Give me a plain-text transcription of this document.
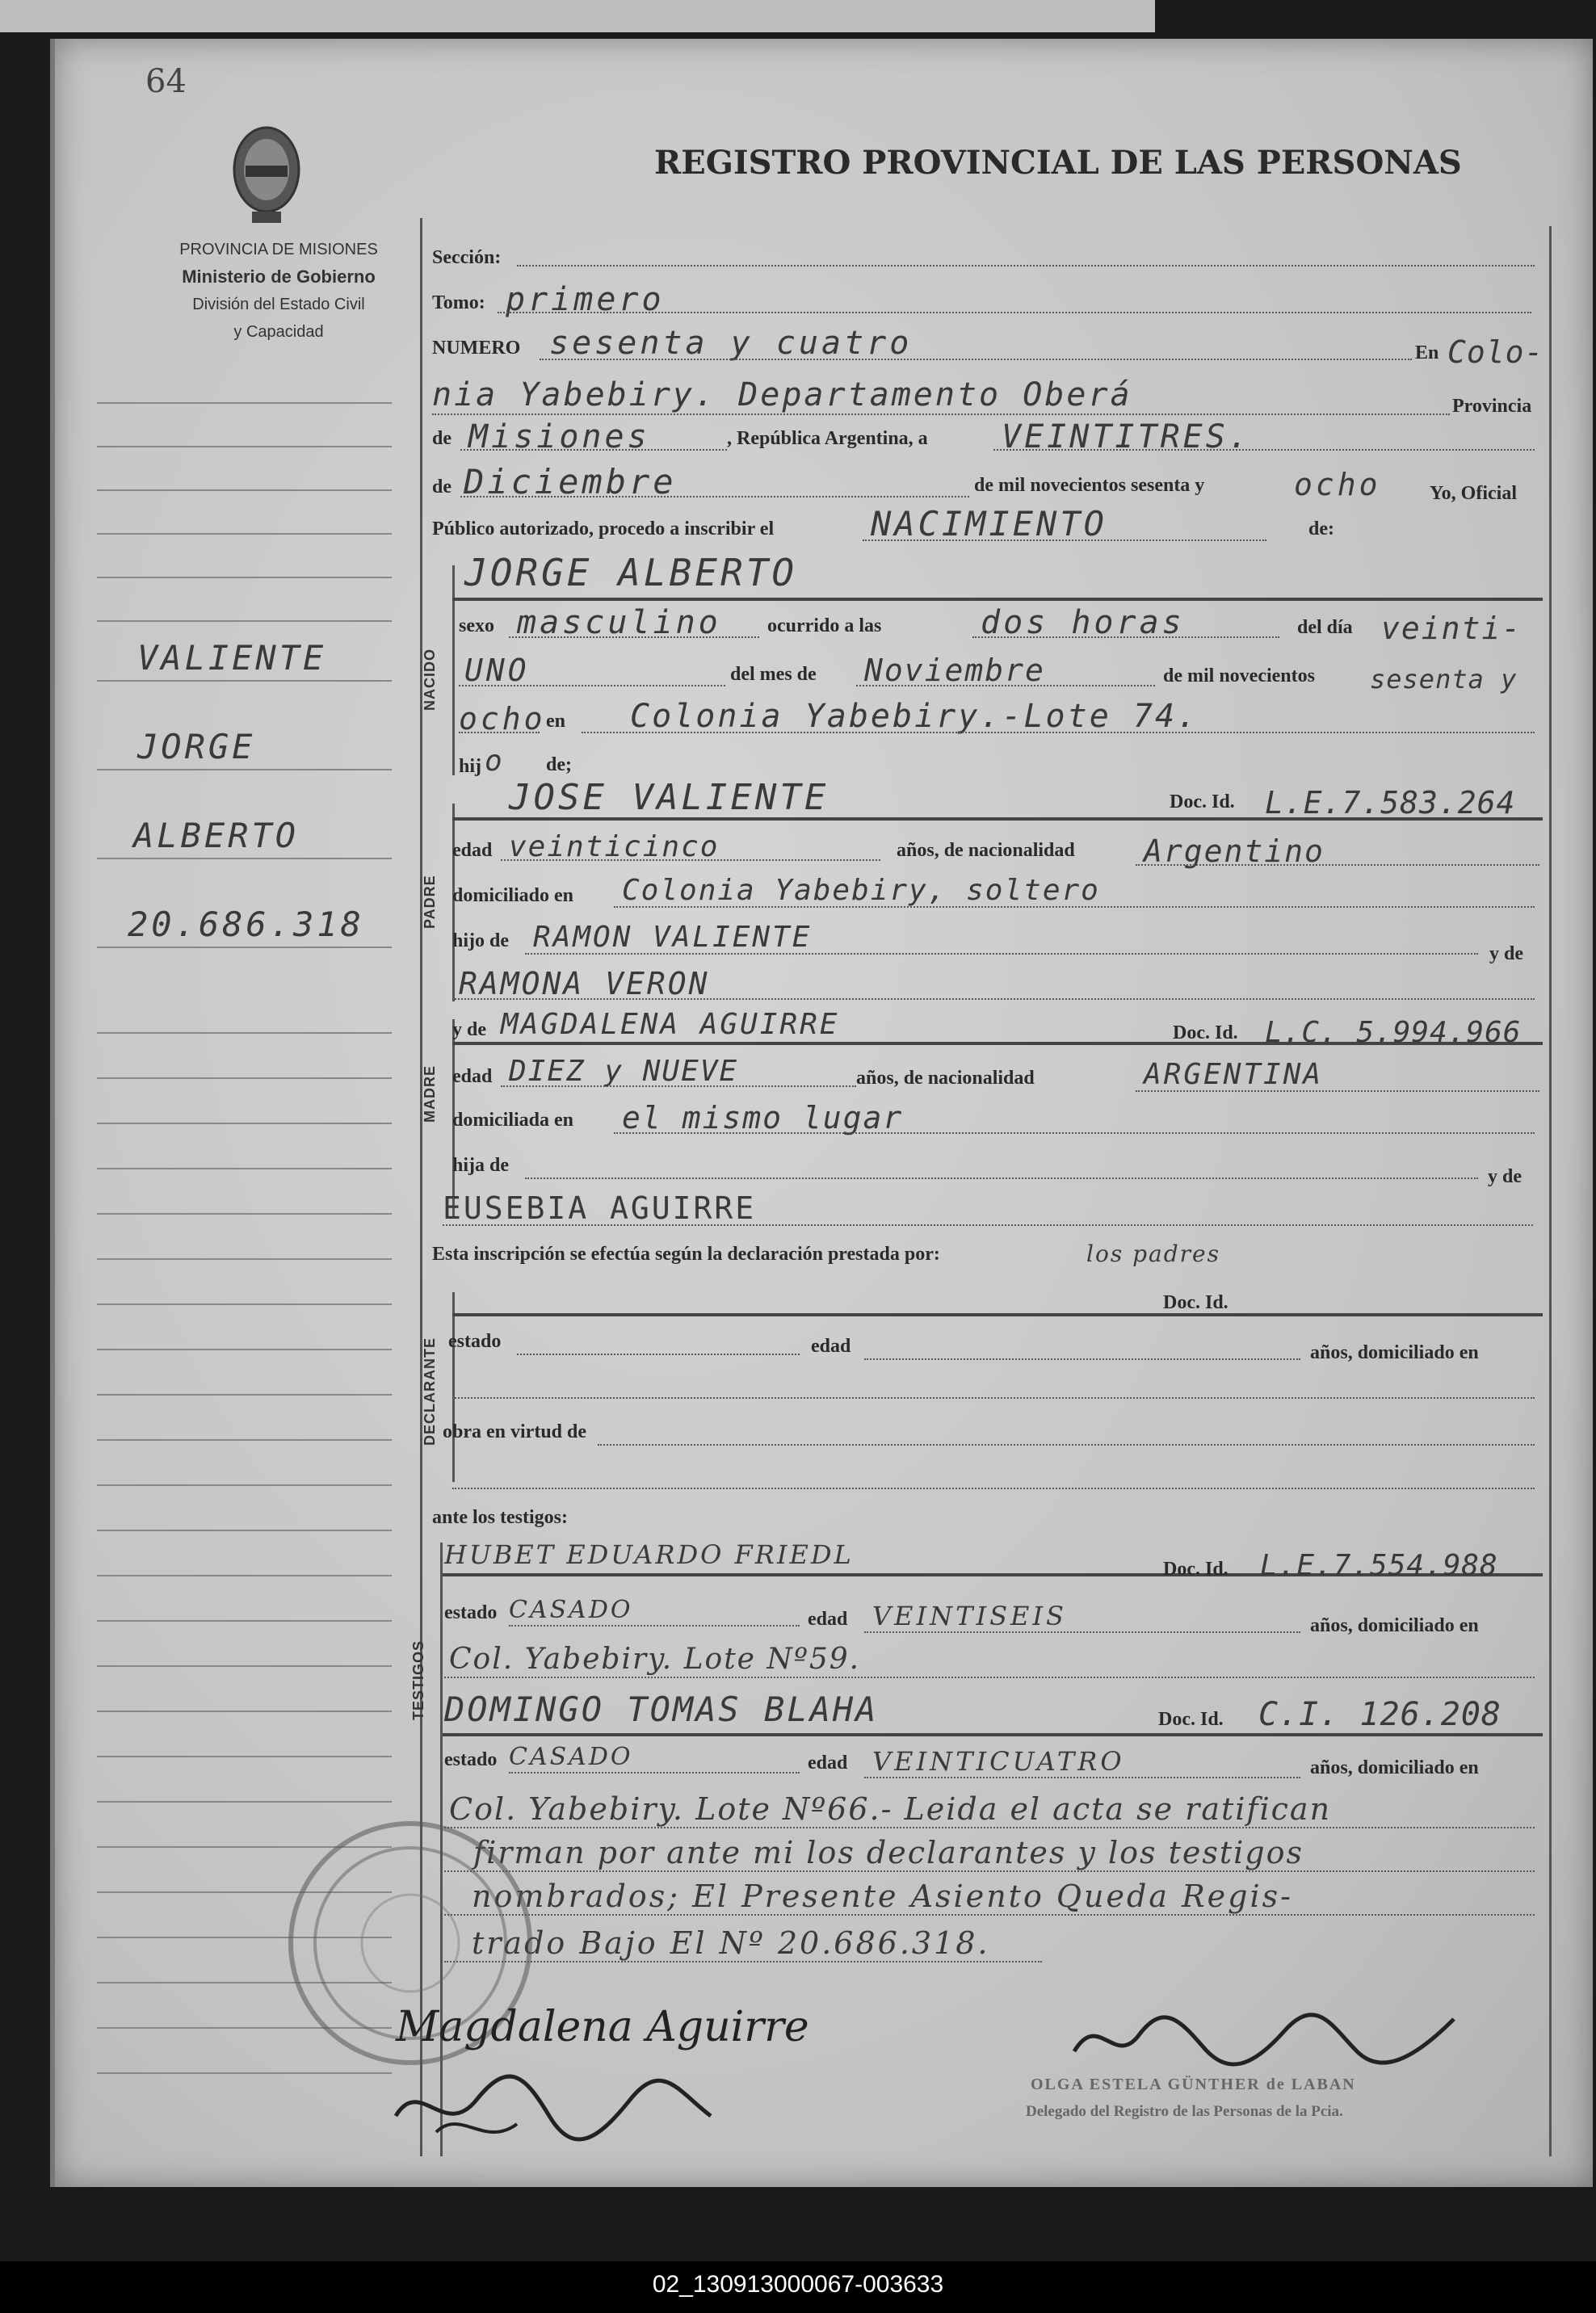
64
PROVINCIA DE MISIONES
Ministerio de Gobierno
División del Estado Civil
y Capacidad
REGISTRO PROVINCIAL DE LAS PERSONAS
VALIENTE
JORGE
ALBERTO
20.686.318
NACIDO
PADRE
MADRE
DECLARANTE
TESTIGOS
Sección:
Tomo: primero
NUMERO sesenta y cuatro	En Colo-
nia Yabebiry. Departamento Oberá	Provincia
de Misiones	, República Argentina, a VEINTITRES.
de Diciembre	de mil novecientos sesenta y	ocho	Yo, Oficial
Público autorizado, procedo a inscribir el	NACIMIENTO	de:
JORGE ALBERTO
sexo masculino ocurrido a las	dos horas	del día veinti-
UNO	del mes de Noviembre	de mil novecientos sesenta y
ocho en Colonia Yabebiry.-Lote 74.
hij o de;
JOSE VALIENTE	Doc. Id. L.E.7.583.264
edad veinticinco	años, de nacionalidad Argentino
domiciliado en Colonia Yabebiry, soltero
hijo de RAMON VALIENTE	y de
RAMONA VERON
y de MAGDALENA AGUIRRE	Doc. Id. L.C. 5.994.966
edad DIEZ y NUEVE	años, de nacionalidad	ARGENTINA
domiciliada en el mismo lugar
hija de
y de
EUSEBIA AGUIRRE
Esta inscripción se efectúa según la declaración prestada por:	los padres
Doc. Id.
estado	edad	años, domiciliado en
obra en virtud de
ante los testigos:
HUBET EDUARDO FRIEDL	Doc. Id. L.E.7.554.988
estado CASADO	edad VEINTISEIS	años, domiciliado en
Col. Yabebiry. Lote Nº59.
DOMINGO TOMAS BLAHA	Doc. Id. C.I. 126.208
estado CASADO	edad VEINTICUATRO	años, domiciliado en
Col. Yabebiry. Lote Nº66.- Leida el acta se ratifican
firman por ante mi los declarantes y los testigos
nombrados; El Presente Asiento Queda Regis-
trado Bajo El Nº 20.686.318.
Magdalena Aguirre
OLGA ESTELA GÜNTHER de LABAN
Delegado del Registro de las Personas de la Pcia.
02_130913000067-003633
